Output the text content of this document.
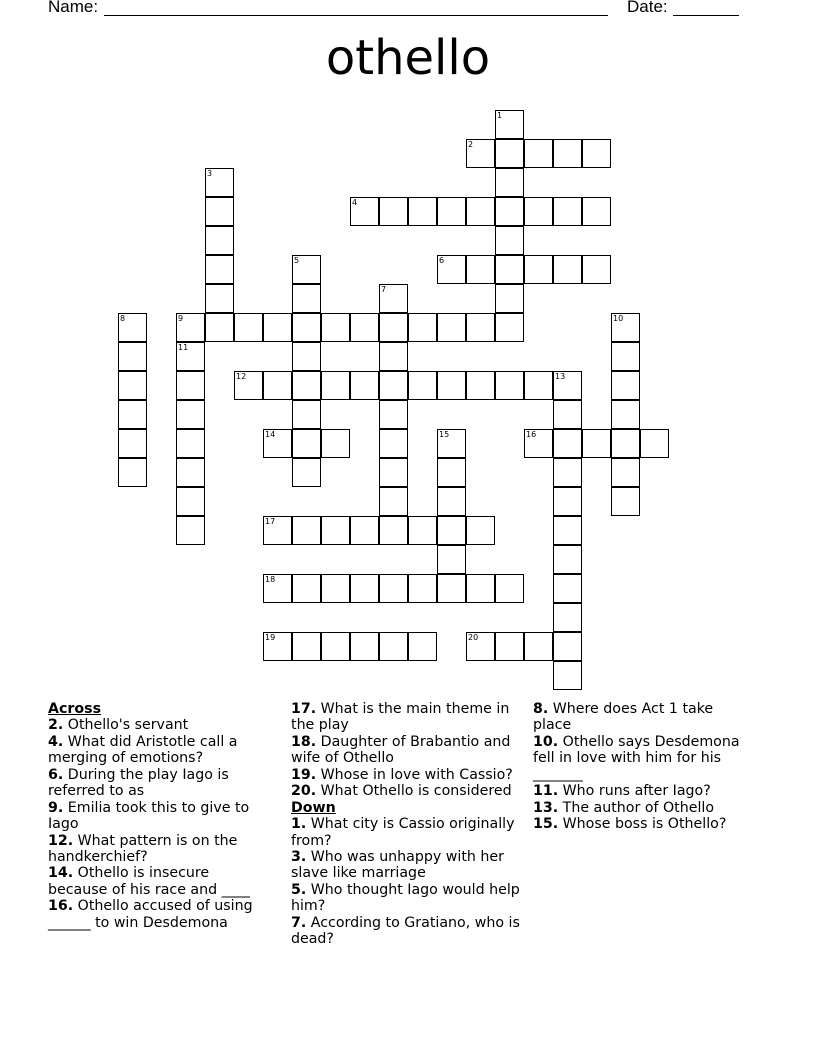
Name:	Date:
othello
1
2
3
4
5	6
7
8	9	10
11
12	13
14	15	16
17
18
19	20
Across
2. Othello's servant
4. What did Aristotle call a merging of emotions?
6. During the play Iago is referred to as
9. Emilia took this to give to Iago
12. What pattern is on the handkerchief?
14. Othello is insecure because of his race and ____
16. Othello accused of using ______ to win Desdemona
17. What is the main theme in the play
18. Daughter of Brabantio and wife of Othello
19. Whose in love with Cassio?
20. What Othello is considered
Down
1. What city is Cassio originally from?
3. Who was unhappy with her slave like marriage
5. Who thought Iago would help him?
7. According to Gratiano, who is dead?
8. Where does Act 1 take place
10. Othello says Desdemona fell in love with him for his _______
11. Who runs after Iago?
13. The author of Othello
15. Whose boss is Othello?
